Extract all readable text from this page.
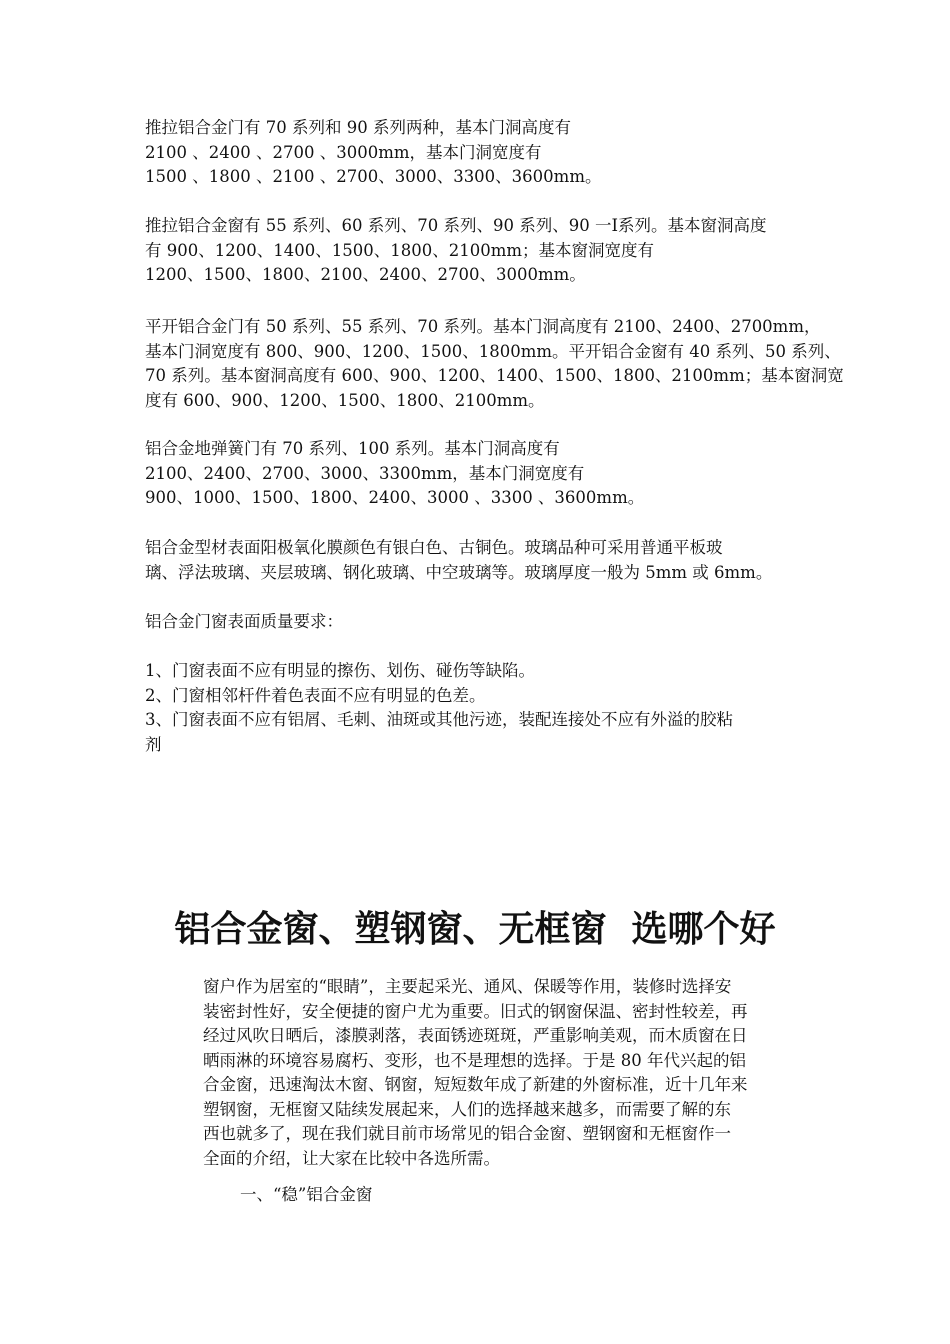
推拉铝合金门有 70 系列和 90 系列两种，基本门洞高度有
2100 、2400 、2700 、3000mm，基本门洞宽度有
1500 、1800 、2100 、2700、3000、3300、3600mm。
推拉铝合金窗有 55 系列、60 系列、70 系列、90 系列、90 一Ⅰ系列。基本窗洞高度
有 900、1200、1400、1500、1800、2100mm；基本窗洞宽度有
1200、1500、1800、2100、2400、2700、3000mm。
平开铝合金门有 50 系列、55 系列、70 系列。基本门洞高度有 2100、2400、2700mm，
基本门洞宽度有 800、900、1200、1500、1800mm。平开铝合金窗有 40 系列、50 系列、
70 系列。基本窗洞高度有 600、900、1200、1400、1500、1800、2100mm；基本窗洞宽
度有 600、900、1200、1500、1800、2100mm。
铝合金地弹簧门有 70 系列、100 系列。基本门洞高度有
2100、2400、2700、3000、3300mm，基本门洞宽度有
900、1000、1500、1800、2400、3000 、3300 、3600mm。
铝合金型材表面阳极氧化膜颜色有银白色、古铜色。玻璃品种可采用普通平板玻
璃、浮法玻璃、夹层玻璃、钢化玻璃、中空玻璃等。玻璃厚度一般为 5mm 或 6mm。
铝合金门窗表面质量要求：
1、门窗表面不应有明显的擦伤、划伤、碰伤等缺陷。
2、门窗相邻杆件着色表面不应有明显的色差。
3、门窗表面不应有铝屑、毛刺、油斑或其他污迹，装配连接处不应有外溢的胶粘
剂
铝合金窗、塑钢窗、无框窗  选哪个好
窗户作为居室的“眼睛”，主要起采光、通风、保暖等作用，装修时选择安
装密封性好，安全便捷的窗户尤为重要。旧式的钢窗保温、密封性较差，再
经过风吹日晒后，漆膜剥落，表面锈迹斑斑，严重影响美观，而木质窗在日
晒雨淋的环境容易腐朽、变形，也不是理想的选择。于是 80 年代兴起的铝
合金窗，迅速淘汰木窗、钢窗，短短数年成了新建的外窗标准，近十几年来
塑钢窗，无框窗又陆续发展起来，人们的选择越来越多，而需要了解的东
西也就多了，现在我们就目前市场常见的铝合金窗、塑钢窗和无框窗作一
全面的介绍，让大家在比较中各选所需。
一、“稳”铝合金窗
